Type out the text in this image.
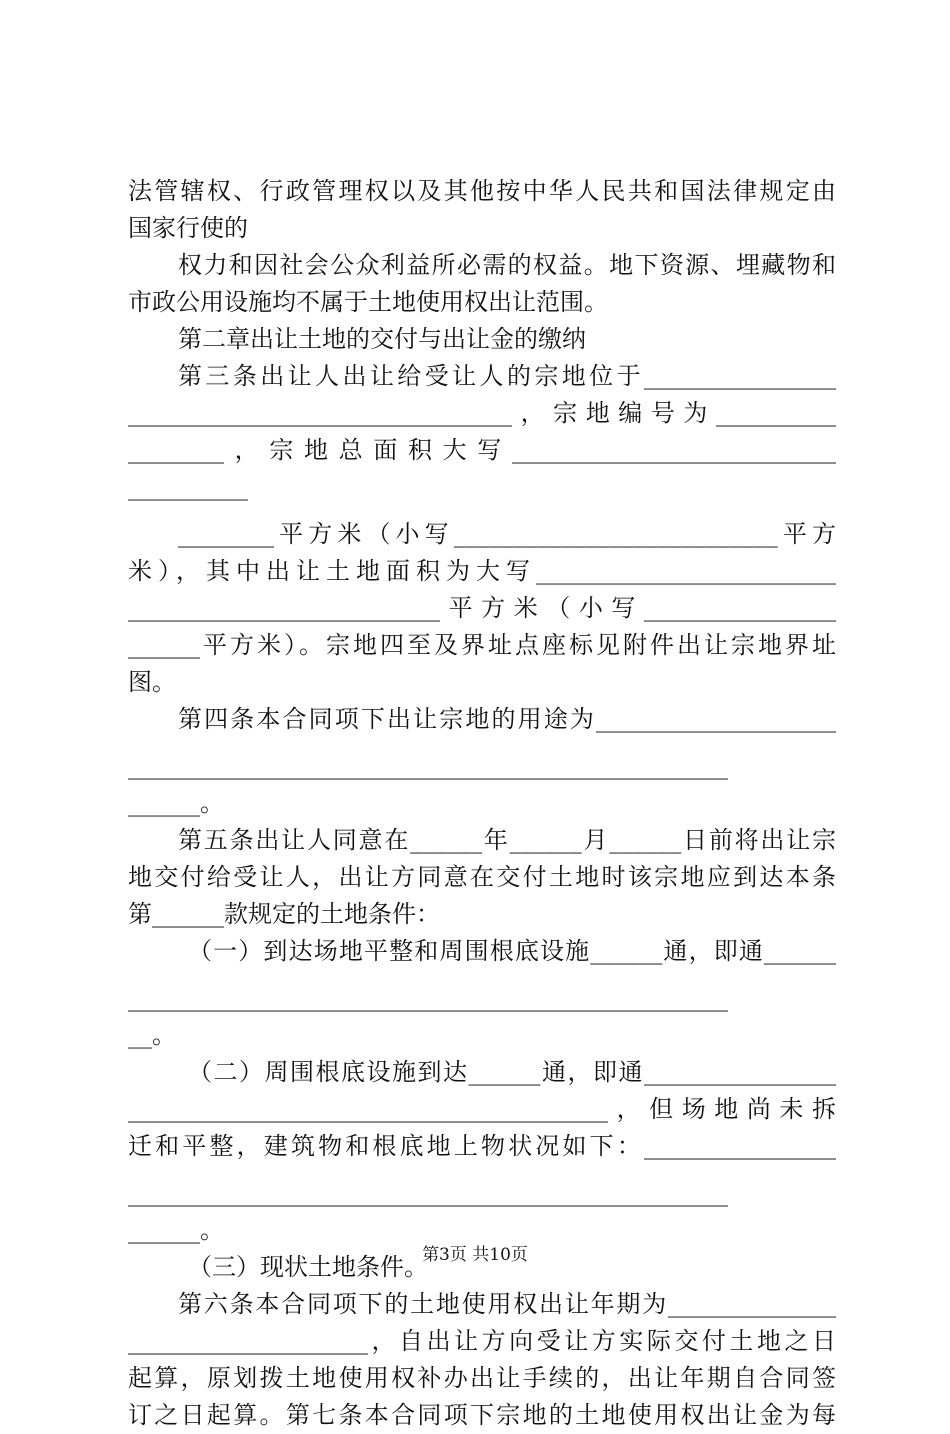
法管辖权、行政管理权以及其他按中华人民共和国法律规定由
国家行使的
权力和因社会公众利益所必需的权益。地下资源、埋藏物和
市政公用设施均不属于土地使用权出让范围。
第二章出让土地的交付与出让金的缴纳
第三条出让人出让给受让人的宗地位于________________
________________________________，宗地编号为__________
________，宗地总面积大写___________________________
__________
________平方米（小写___________________________平方
米），其中出让土地面积为大写_________________________
__________________________平方米（小写________________
______平方米）。宗地四至及界址点座标见附件出让宗地界址
图。
第四条本合同项下出让宗地的用途为____________________
__________________________________________________
______。
第五条出让人同意在______年______月______日前将出让宗
地交付给受让人，出让方同意在交付土地时该宗地应到达本条
第______款规定的土地条件：
（一）到达场地平整和周围根底设施______通，即通______
__________________________________________________
__。
（二）周围根底设施到达______通，即通________________
________________________________________，但场地尚未拆
迁和平整，建筑物和根底地上物状况如下：________________
__________________________________________________
______。
（三）现状土地条件。
第六条本合同项下的土地使用权出让年期为______________
____________________，自出让方向受让方实际交付土地之日
起算，原划拨土地使用权补办出让手续的，出让年期自合同签
订之日起算。第七条本合同项下宗地的土地使用权出让金为每
第3页 共10页
